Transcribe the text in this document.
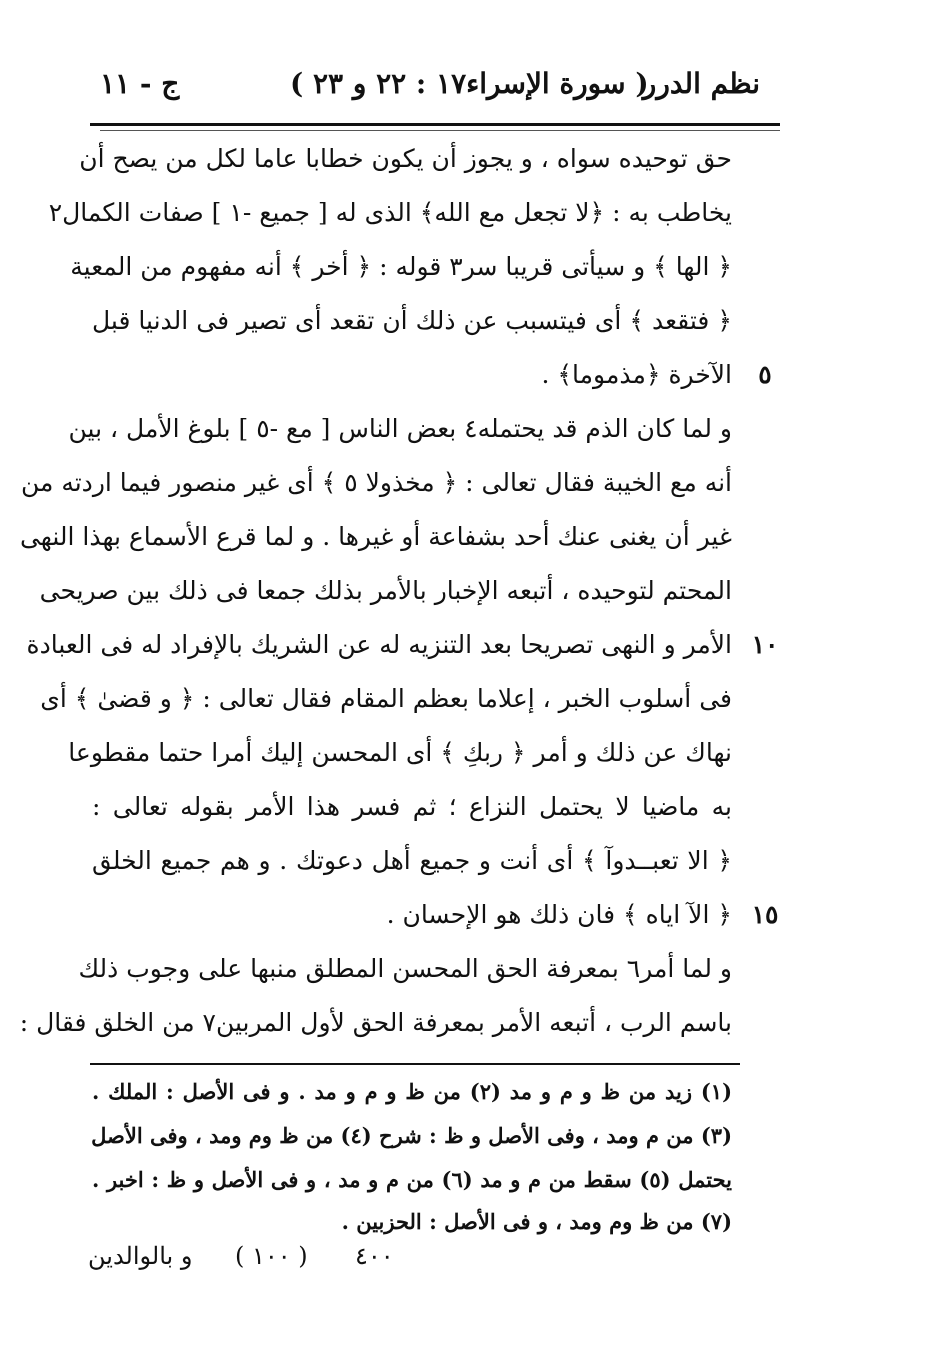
نظم الدرر
( سورة الإسراء١٧ : ٢٢ و ٢٣ )
ج - ١١
حق توحيده سواه ، و يجوز أن يكون خطابا عاما لكل من يصح أن
يخاطب به : ﴿لا تجعل مع الله﴾ الذى له [ جميع -١ ] صفات الكمال٢
﴿ الها ﴾ و سيأتى قريبا سر٣ قوله : ﴿ أخر ﴾ أنه مفهوم من المعية
﴿ فتقعد ﴾ أى فيتسبب عن ذلك أن تقعد أى تصير فى الدنيا قبل
الآخرة ﴿مذموما﴾ .	٥
و لما كان الذم قد يحتمله٤ بعض الناس [ مع -٥ ] بلوغ الأمل ، بين
أنه مع الخيبة فقال تعالى : ﴿ مخذولا ٥ ﴾ أى غير منصور فيما اردته من
غير أن يغنى عنك أحد بشفاعة أو غيرها . و لما قرع الأسماع بهذا النهى
المحتم لتوحيده ، أتبعه الإخبار بالأمر بذلك جمعا فى ذلك بين صريحى
الأمر و النهى تصريحا بعد التنزيه له عن الشريك بالإفراد له فى العبادة ١٠
فى أسلوب الخبر ، إعلاما بعظم المقام فقال تعالى : ﴿ و قضىٰ ﴾ أى
نهاك عن ذلك و أمر ﴿ ربكِ ﴾ أى المحسن إليك أمرا حتما مقطوعا
به ماضيا لا يحتمل النزاع ؛ ثم فسر هذا الأمر بقوله تعالى :
﴿ الا تعبــدوآ ﴾ أى أنت و جميع أهل دعوتك . و هم جميع الخلق
﴿ الآ اياه ﴾ فان ذلك هو الإحسان . ١٥
و لما أمر٦ بمعرفة الحق المحسن المطلق منبها على وجوب ذلك
باسم الرب ، أتبعه الأمر بمعرفة الحق لأول المربين٧ من الخلق فقال :
(١) زيد من ظ و م و مد (٢) من ظ و م و مد . و فى الأصل : الملك .
(٣) من م ومد ، وفى الأصل و ظ : شرح (٤) من ظ وم ومد ، وفى الأصل
يحتمل (٥) سقط من م و مد (٦) من م و مد ، و فى الأصل و ظ : اخبر .
(٧) من ظ وم ومد ، و فى الأصل : الحزبين .
٤٠٠
( ١٠٠ )
و بالوالدين
